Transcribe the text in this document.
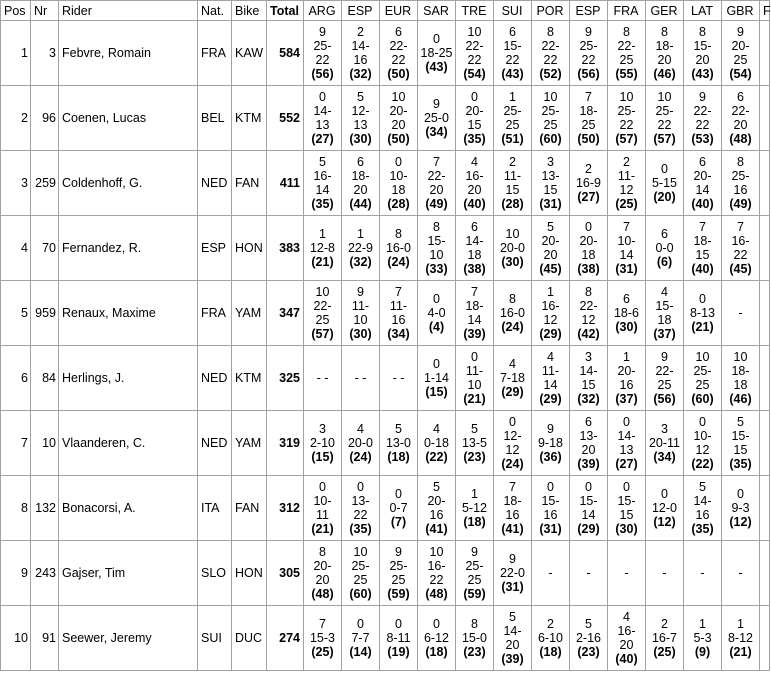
Pos	Nr	Rider	Nat.	Bike	Total	ARG	ESP	EUR	SAR	TRE	SUI	POR	ESP	FRA	GER	LAT	GBR	F
1	3	Febvre, Romain	FRA	KAW	584	9
25-
22
(56)	2
14-
16
(32)	6
22-
22
(50)	0
18-25
(43)	10
22-
22
(54)	6
15-
22
(43)	8
22-
22
(52)	9
25-
22
(56)	8
22-
25
(55)	8
18-
20
(46)	8
15-
20
(43)	9
20-
25
(54)	

2	96	Coenen, Lucas	BEL	KTM	552	0
14-
13
(27)	5
12-
13
(30)	10
20-
20
(50)	9
25-0
(34)	0
20-
15
(35)	1
25-
25
(51)	10
25-
25
(60)	7
18-
25
(50)	10
25-
22
(57)	10
25-
22
(57)	9
22-
22
(53)	6
22-
20
(48)	

3	259	Coldenhoff, G.	NED	FAN	411	5
16-
14
(35)	6
18-
20
(44)	0
10-
18
(28)	7
22-
20
(49)	4
16-
20
(40)	2
11-
15
(28)	3
13-
15
(31)	2
16-9
(27)	2
11-
12
(25)	0
5-15
(20)	6
20-
14
(40)	8
25-
16
(49)	

4	70	Fernandez, R.	ESP	HON	383	1
12-8
(21)	1
22-9
(32)	8
16-0
(24)	8
15-
10
(33)	6
14-
18
(38)	10
20-0
(30)	5
20-
20
(45)	0
20-
18
(38)	7
10-
14
(31)	6
0-0
(6)	7
18-
15
(40)	7
16-
22
(45)	

5	959	Renaux, Maxime	FRA	YAM	347	10
22-
25
(57)	9
11-
10
(30)	7
11-
16
(34)	0
4-0
(4)	7
18-
14
(39)	8
16-0
(24)	1
16-
12
(29)	8
22-
12
(42)	6
18-6
(30)	4
15-
18
(37)	0
8-13
(21)	-	

6	84	Herlings, J.	NED	KTM	325	- -	- -	- -	0
1-14
(15)	0
11-
10
(21)	4
7-18
(29)	4
11-
14
(29)	3
14-
15
(32)	1
20-
16
(37)	9
22-
25
(56)	10
25-
25
(60)	10
18-
18
(46)	

7	10	Vlaanderen, C.	NED	YAM	319	3
2-10
(15)	4
20-0
(24)	5
13-0
(18)	4
0-18
(22)	5
13-5
(23)	0
12-
12
(24)	9
9-18
(36)	6
13-
20
(39)	0
14-
13
(27)	3
20-11
(34)	0
10-
12
(22)	5
15-
15
(35)	

8	132	Bonacorsi, A.	ITA	FAN	312	0
10-
11
(21)	0
13-
22
(35)	0
0-7
(7)	5
20-
16
(41)	1
5-12
(18)	7
18-
16
(41)	0
15-
16
(31)	0
15-
14
(29)	0
15-
15
(30)	0
12-0
(12)	5
14-
16
(35)	0
9-3
(12)	

9	243	Gajser, Tim	SLO	HON	305	8
20-
20
(48)	10
25-
25
(60)	9
25-
25
(59)	10
16-
22
(48)	9
25-
25
(59)	9
22-0
(31)	-	-	-	-	-	-	

10	91	Seewer, Jeremy	SUI	DUC	274	7
15-3
(25)	0
7-7
(14)	0
8-11
(19)	0
6-12
(18)	8
15-0
(23)	5
14-
20
(39)	2
6-10
(18)	5
2-16
(23)	4
16-
20
(40)	2
16-7
(25)	1
5-3
(9)	1
8-12
(21)	
